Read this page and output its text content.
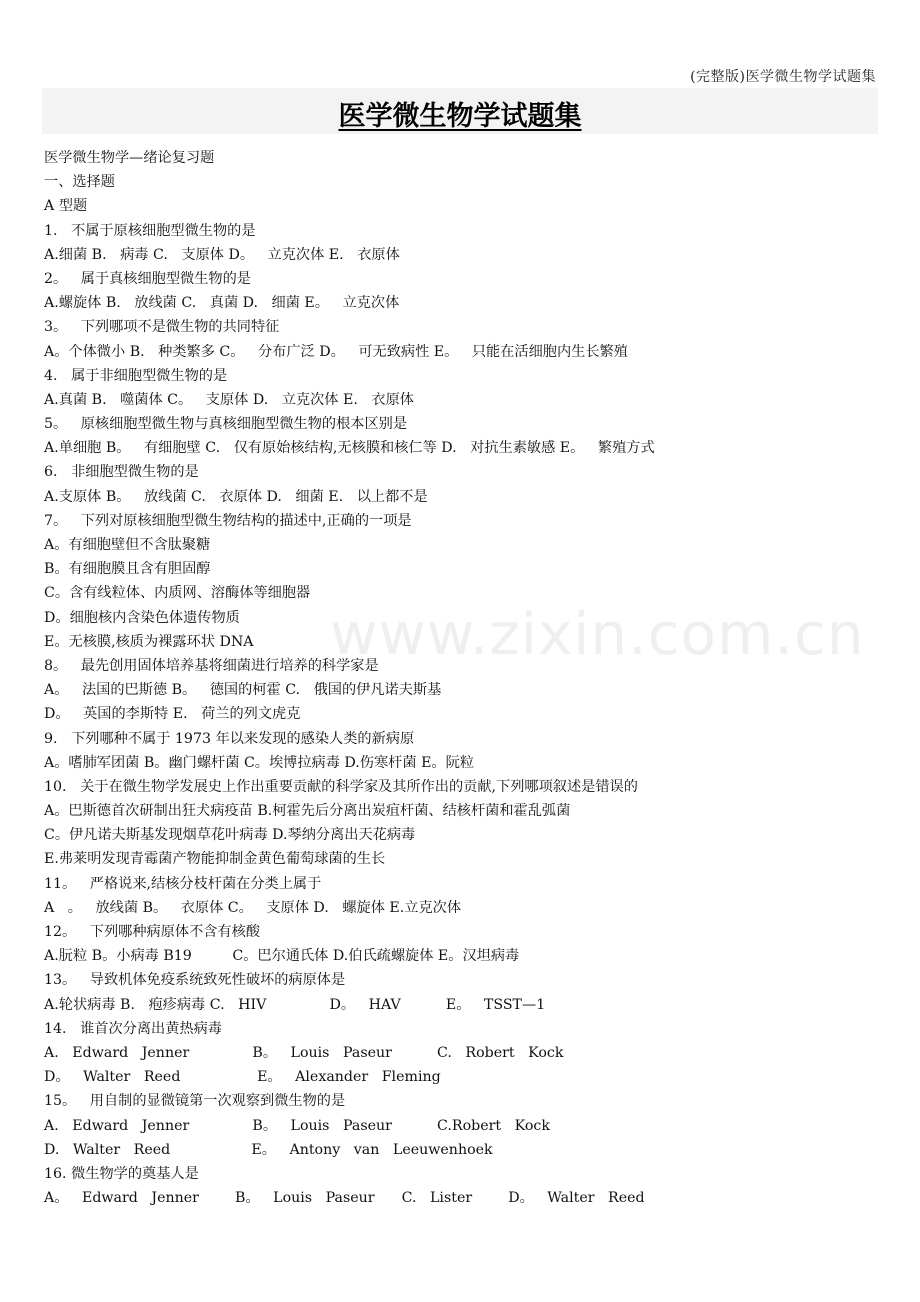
(完整版)医学微生物学试题集
医学微生物学试题集
www.zixin.com.cn
医学微生物学—绪论复习题
一、选择题
A 型题
1.   不属于原核细胞型微生物的是
A.细菌 B.   病毒 C.   支原体 D。   立克次体 E.   衣原体
2。   属于真核细胞型微生物的是
A.螺旋体 B.   放线菌 C.   真菌 D.   细菌 E。   立克次体
3。   下列哪项不是微生物的共同特征
A。个体微小 B.   种类繁多 C。   分布广泛 D。   可无致病性 E。   只能在活细胞内生长繁殖
4.   属于非细胞型微生物的是
A.真菌 B.   噬菌体 C。   支原体 D.   立克次体 E.   衣原体
5。   原核细胞型微生物与真核细胞型微生物的根本区别是
A.单细胞 B。   有细胞壁 C.   仅有原始核结构,无核膜和核仁等 D.   对抗生素敏感 E。   繁殖方式
6.   非细胞型微生物的是
A.支原体 B。   放线菌 C.   衣原体 D.   细菌 E.   以上都不是
7。   下列对原核细胞型微生物结构的描述中,正确的一项是
A。有细胞壁但不含肽聚糖
B。有细胞膜且含有胆固醇
C。含有线粒体、内质网、溶酶体等细胞器
D。细胞核内含染色体遗传物质
E。无核膜,核质为裸露环状 DNA
8。   最先创用固体培养基将细菌进行培养的科学家是
A。   法国的巴斯德 B。   德国的柯霍 C.   俄国的伊凡诺夫斯基
D。   英国的李斯特 E.   荷兰的列文虎克
9.   下列哪种不属于 1973 年以来发现的感染人类的新病原
A。嗜肺军团菌 B。幽门螺杆菌 C。埃博拉病毒 D.伤寒杆菌 E。阮粒
10.   关于在微生物学发展史上作出重要贡献的科学家及其所作出的贡献,下列哪项叙述是错误的
A。巴斯德首次研制出狂犬病疫苗 B.柯霍先后分离出炭疽杆菌、结核杆菌和霍乱弧菌
C。伊凡诺夫斯基发现烟草花叶病毒 D.琴纳分离出天花病毒
E.弗莱明发现青霉菌产物能抑制金黄色葡萄球菌的生长
11。   严格说来,结核分枝杆菌在分类上属于
A   。   放线菌 B。   衣原体 C。   支原体 D.   螺旋体 E.立克次体
12。   下列哪种病原体不含有核酸
A.朊粒 B。小病毒 B19         C。巴尔通氏体 D.伯氏疏螺旋体 E。汉坦病毒
13。   导致机体免疫系统致死性破坏的病原体是
A.轮状病毒 B.   疱疹病毒 C.   HIV              D。   HAV          E。   TSST—1
14.   谁首次分离出黄热病毒
A.   Edward   Jenner              B。   Louis   Paseur          C.   Robert   Kock
D。   Walter   Reed                 E。   Alexander   Fleming
15。   用自制的显微镜第一次观察到微生物的是
A.   Edward   Jenner              B。   Louis   Paseur          C.Robert   Kock
D.   Walter   Reed                  E。   Antony   van   Leeuwenhoek
16. 微生物学的奠基人是
A。   Edward   Jenner        B。   Louis   Paseur      C.   Lister        D。   Walter   Reed
